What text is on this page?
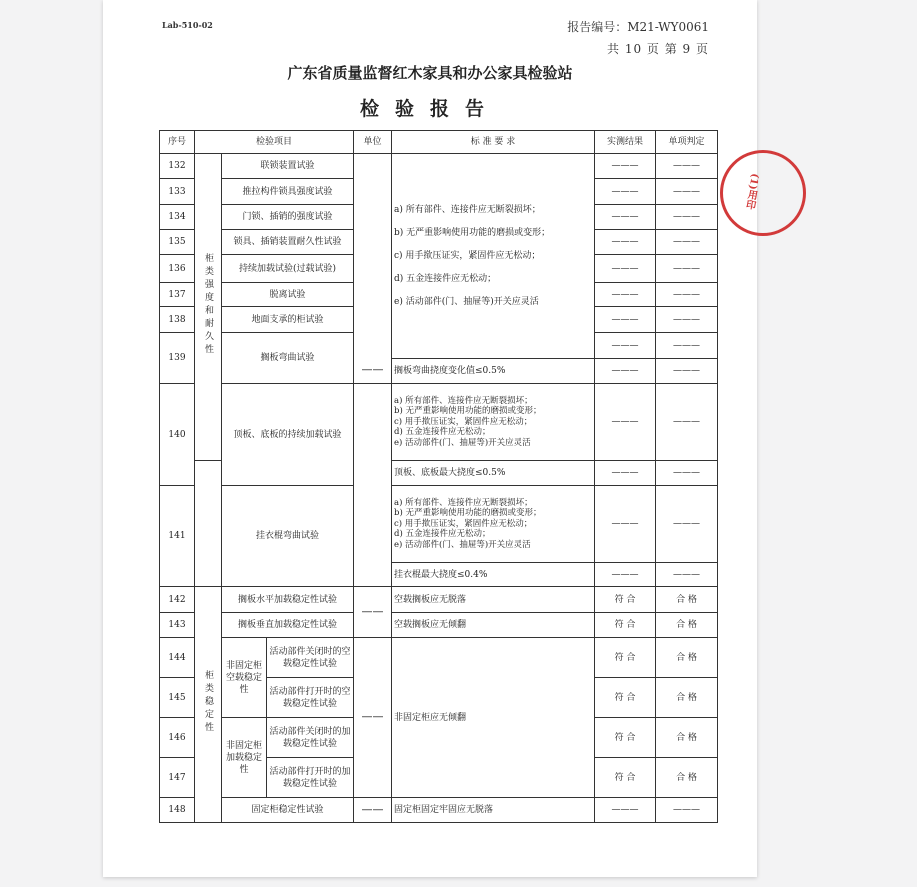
Lab-510-02	报告编号：M21-WY0061
共 10 页 第 9 页
广东省质量监督红木家具和办公家具检验站
检验报告
序号	检验项目			单位	标 准 要 求	实测结果	单项判定
132	柜类强度和耐久性	联锁装置试验		——	a) 所有部件、连接件应无断裂损坏；

b) 无严重影响使用功能的磨损或变形；

c) 用手揿压证实，紧固件应无松动；

d) 五金连接件应无松动；

e) 活动部件(门、抽屉等)开关应灵活	———	———
133		推拉构件锁具强度试验				———	———
134		门锁、插销的强度试验				———	———
135		锁具、插销装置耐久性试验				———	———
136		持续加载试验(过载试验)				———	———
137		脱离试验				———	———
138		地面支承的柜试验				———	———
139		搁板弯曲试验				———	———
					搁板弯曲挠度变化值≤0.5%	———	———
140		顶板、底板的持续加载试验			a) 所有部件、连接件应无断裂损坏；

b) 无严重影响使用功能的磨损或变形；

c) 用手揿压证实，紧固件应无松动；

d) 五金连接件应无松动；

e) 活动部件(门、抽屉等)开关应灵活	———	———
					顶板、底板最大挠度≤0.5%	———	———
141		挂衣棍弯曲试验			a) 所有部件、连接件应无断裂损坏；

b) 无严重影响使用功能的磨损或变形；

c) 用手揿压证实，紧固件应无松动；

d) 五金连接件应无松动；

e) 活动部件(门、抽屉等)开关应灵活	———	———
					挂衣棍最大挠度≤0.4%	———	———
142	柜类稳定性	搁板水平加载稳定性试验		——	空载搁板应无脱落	符 合	合 格
143		搁板垂直加载稳定性试验			空载搁板应无倾翻	符 合	合 格
144		非固定柜空载稳定性	活动部件关闭时的空载稳定性试验	——	非固定柜应无倾翻	符 合	合 格
145			活动部件打开时的空载稳定性试验			符 合	合 格
146		非固定柜加载稳定性	活动部件关闭时的加载稳定性试验			符 合	合 格
147			活动部件打开时的加载稳定性试验			符 合	合 格
148		固定柜稳定性试验		——	固定柜固定牢固应无脱落	———	———
(1)用印
